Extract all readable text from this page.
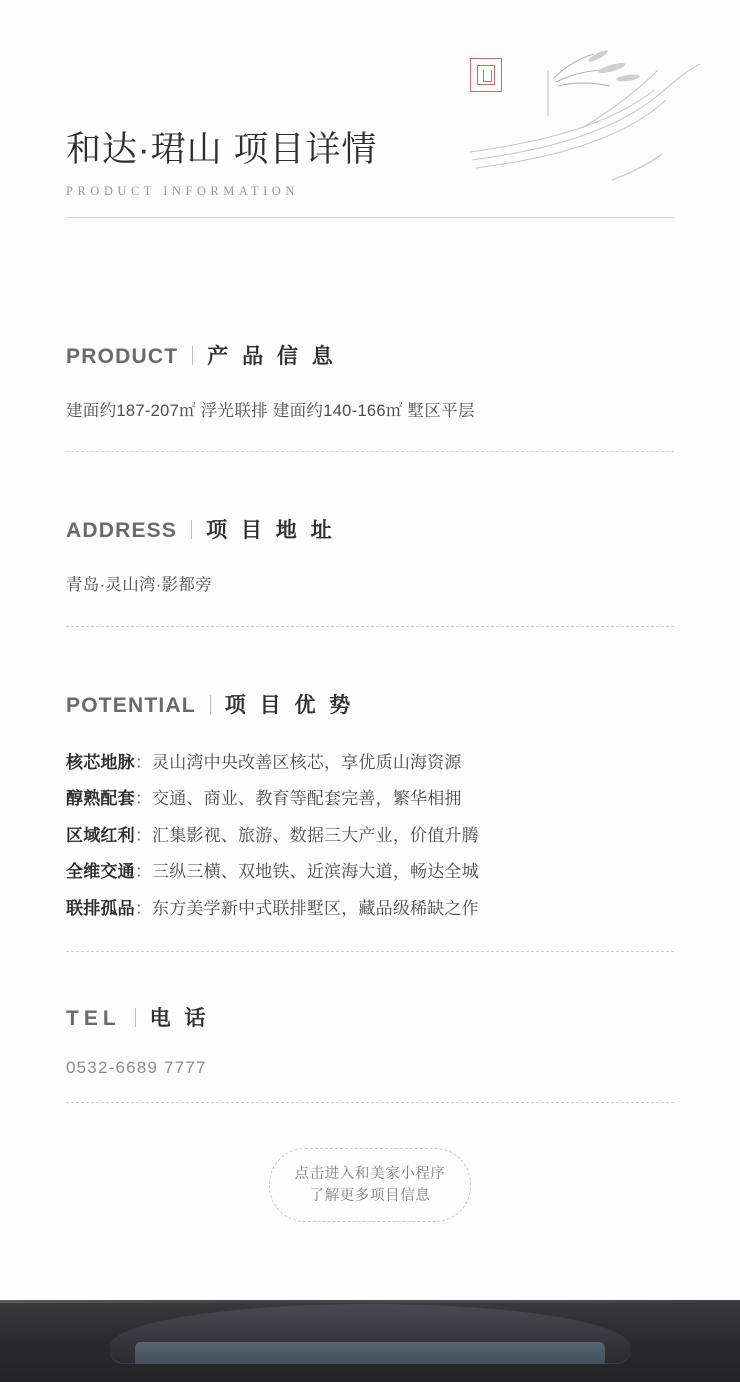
和达·珺山 项目详情
PRODUCT INFORMATION
PRODUCT 产 品 信 息
建面约187-207㎡ 浮光联排 建面约140-166㎡ 墅区平层
ADDRESS 项 目 地 址
青岛·灵山湾·影都旁
POTENTIAL 项 目 优 势
核芯地脉：灵山湾中央改善区核芯，享优质山海资源
醇熟配套：交通、商业、教育等配套完善，繁华相拥
区域红利：汇集影视、旅游、数据三大产业，价值升腾
全维交通：三纵三横、双地铁、近滨海大道，畅达全城
联排孤品：东方美学新中式联排墅区，藏品级稀缺之作
TEL 电 话
0532-6689 7777
点击进入和美家小程序
了解更多项目信息
